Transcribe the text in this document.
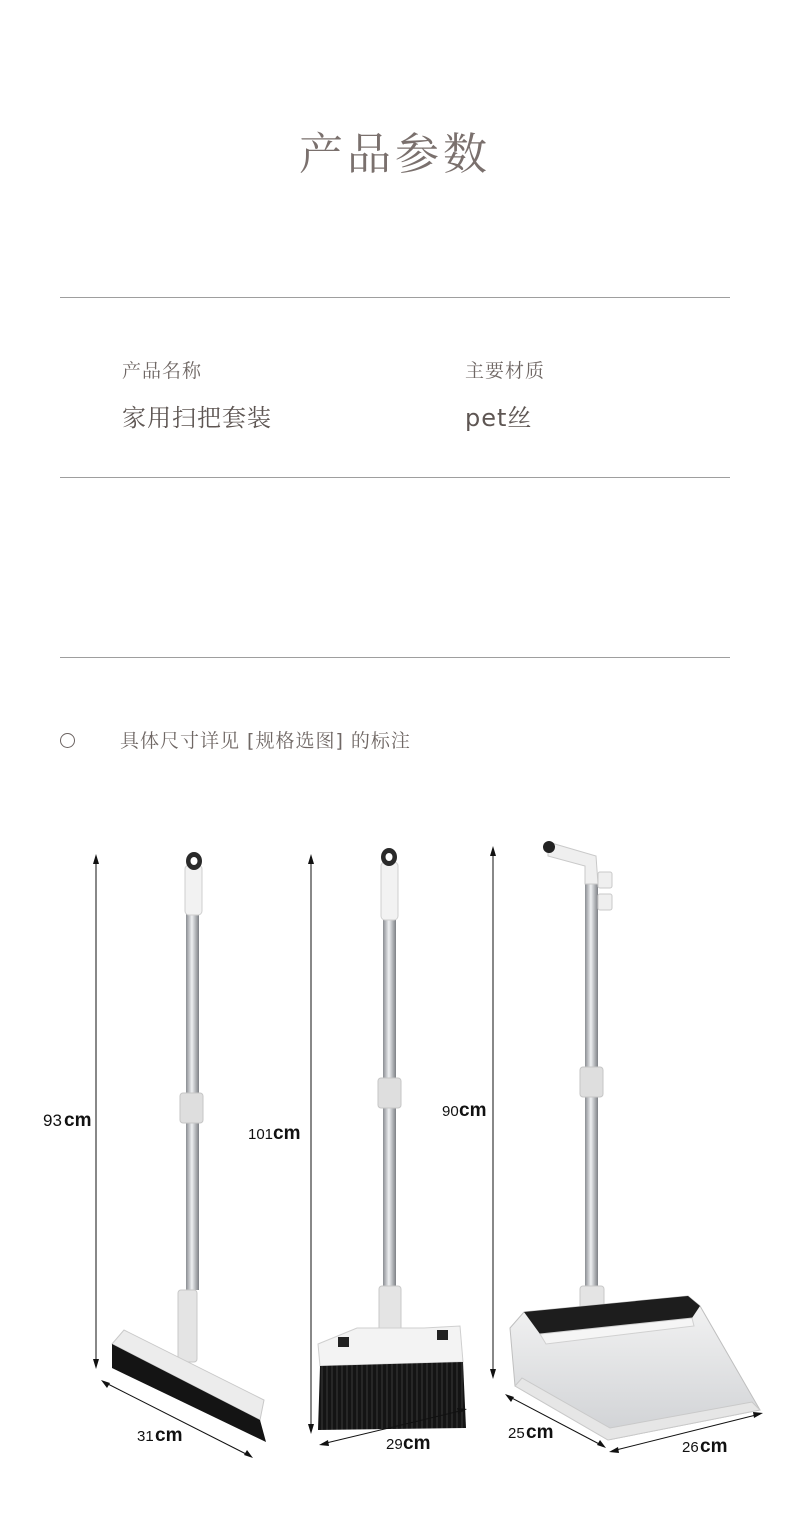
产品参数
产品名称
家用扫把套装
主要材质
pet丝
具体尺寸详见 [规格选图] 的标注
93 cm
31 cm
101 cm
29 cm
90 cm
25 cm
26 cm
